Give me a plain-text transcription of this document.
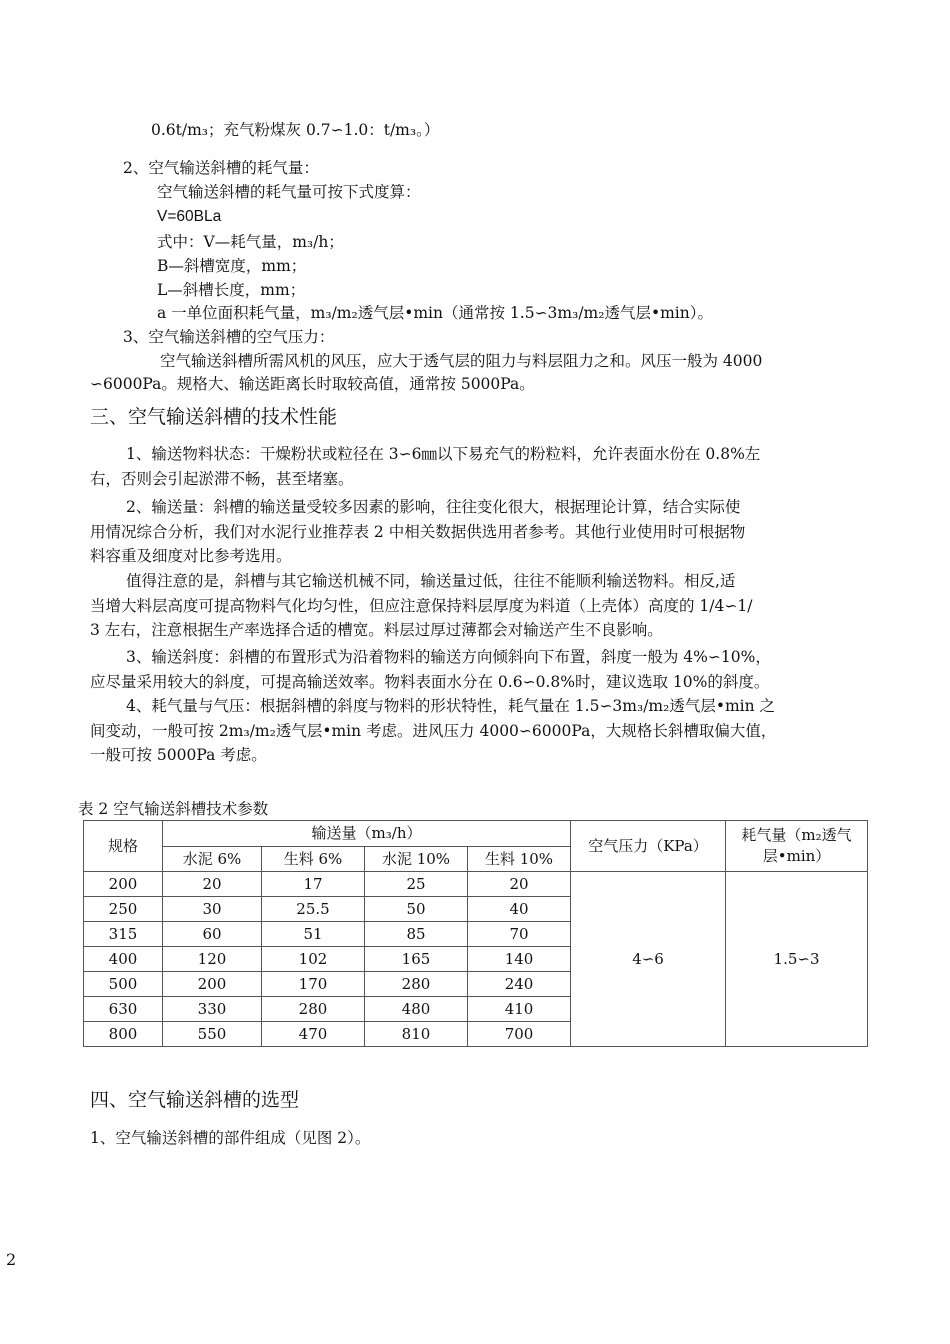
0.6t/m₃；充气粉煤灰 0.7∽1.0：t/m₃。）
2、空气输送斜槽的耗气量：
空气输送斜槽的耗气量可按下式度算：
V=60BLa
式中：V—耗气量，m₃/h；
B—斜槽宽度，mm；
L—斜槽长度，mm；
a 一单位面积耗气量，m₃/m₂透气层•min（通常按 1.5∽3m₃/m₂透气层•min）。
3、空气输送斜槽的空气压力：
空气输送斜槽所需风机的风压，应大于透气层的阻力与料层阻力之和。风压一般为 4000
∽6000Pa。规格大、输送距离长时取较高值，通常按 5000Pa。
三、空气输送斜槽的技术性能
1、输送物料状态：干燥粉状或粒径在 3∽6㎜以下易充气的粉粒料，允许表面水份在 0.8%左
右，否则会引起淤滞不畅，甚至堵塞。
2、输送量：斜槽的输送量受较多因素的影响，往往变化很大，根据理论计算，结合实际使
用情况综合分析，我们对水泥行业推荐表 2 中相关数据供选用者参考。其他行业使用时可根据物
料容重及细度对比参考选用。
值得注意的是，斜槽与其它输送机械不同，输送量过低，往往不能顺利输送物料。相反,适
当增大料层高度可提高物料气化均匀性，但应注意保持料层厚度为料道（上壳体）高度的 1/4∽1/
3 左右，注意根据生产率选择合适的槽宽。料层过厚过薄都会对输送产生不良影响。
3、输送斜度：斜槽的布置形式为沿着物料的输送方向倾斜向下布置，斜度一般为 4%∽10%，
应尽量采用较大的斜度，可提高输送效率。物料表面水分在 0.6∽0.8%时，建议选取 10%的斜度。
4、耗气量与气压：根据斜槽的斜度与物料的形状特性，耗气量在 1.5∽3m₃/m₂透气层•min 之
间变动，一般可按 2m₃/m₂透气层•min 考虑。进风压力 4000∽6000Pa，大规格长斜槽取偏大值，
一般可按 5000Pa 考虑。
表 2 空气输送斜槽技术参数
规格	输送量（m₃/h）				空气压力（KPa）	耗气量（m₂透气层•min）
	水泥 6%	生料 6%	水泥 10%	生料 10%		
200	20	17	25	20	4∽6	1.5∽3
250	30	25.5	50	40		
315	60	51	85	70		
400	120	102	165	140		
500	200	170	280	240		
630	330	280	480	410		
800	550	470	810	700		
四、空气输送斜槽的选型
1、空气输送斜槽的部件组成（见图 2）。
2
